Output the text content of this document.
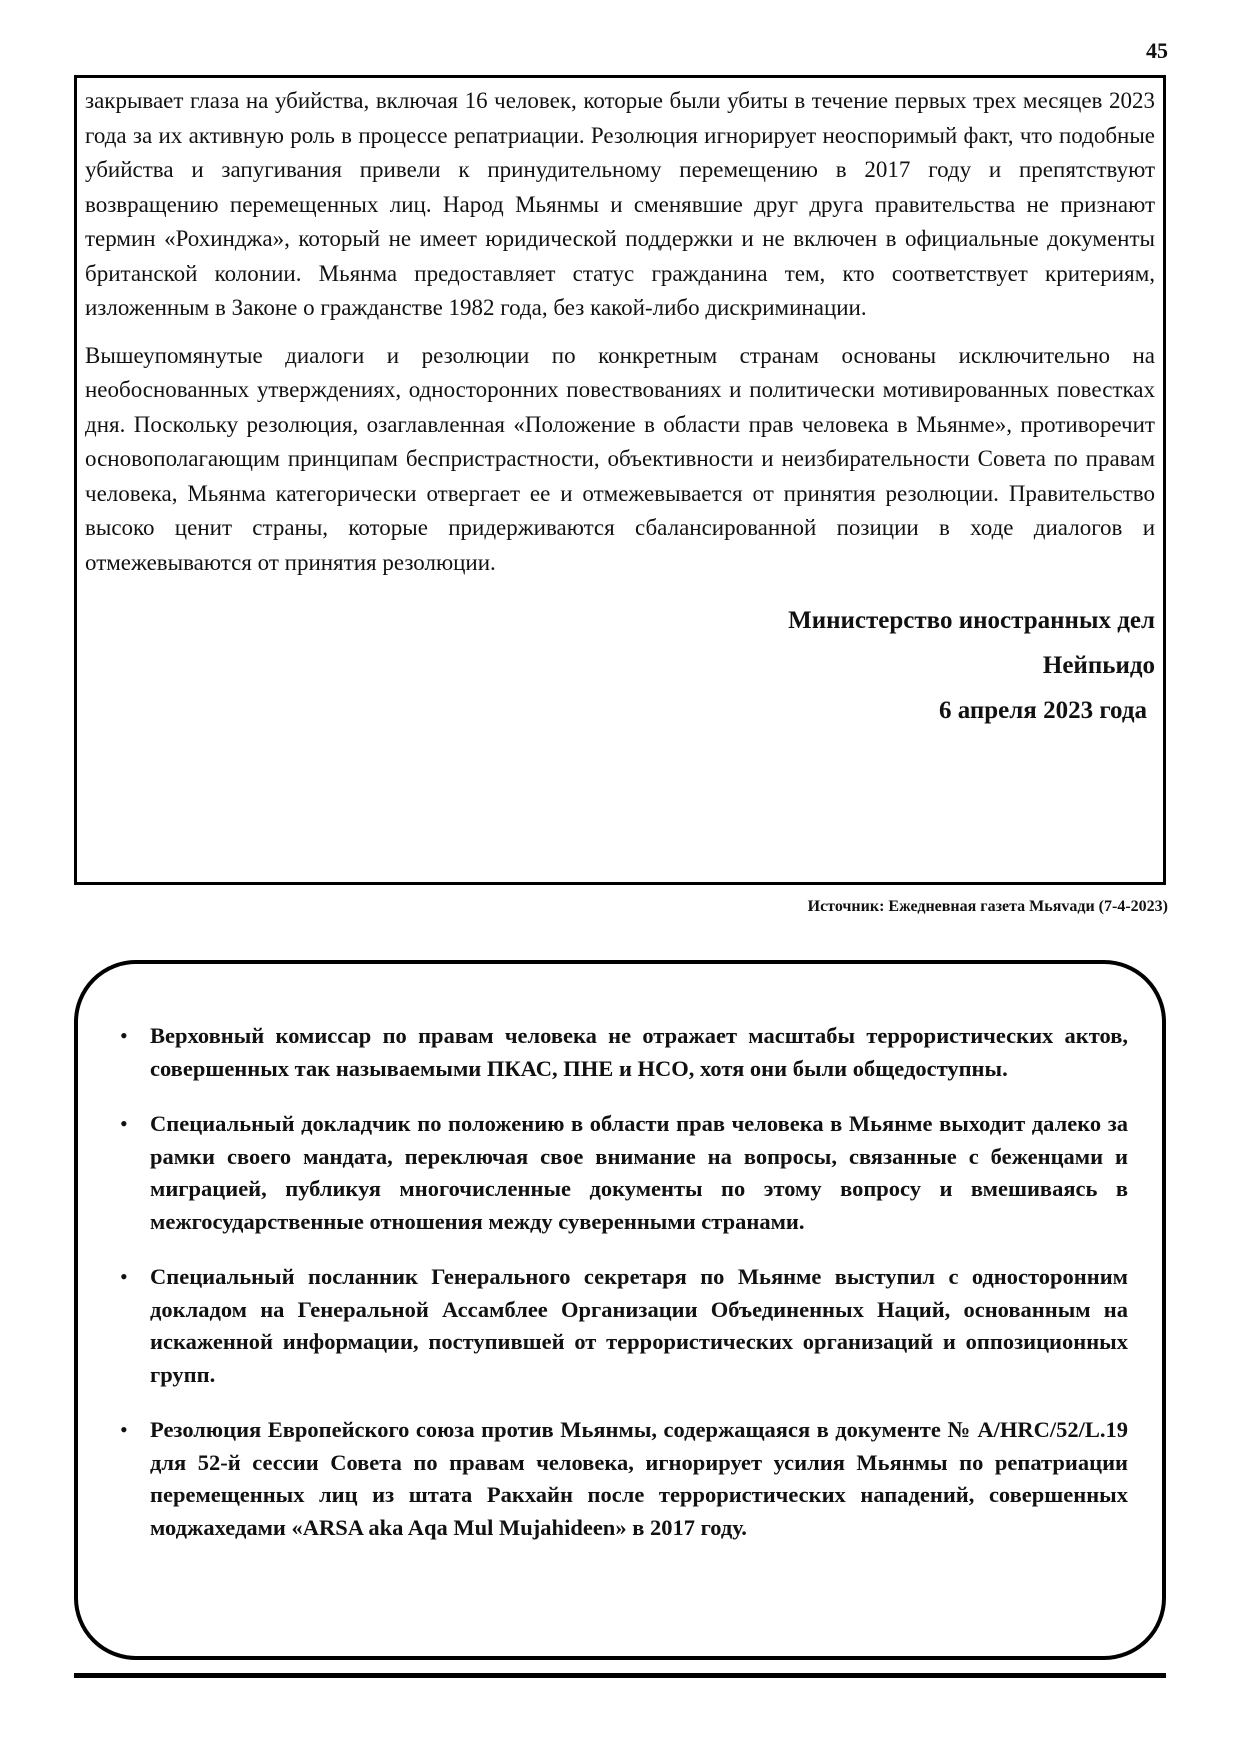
45

закрывает глаза на убийства, включая 16 человек, которые были убиты в течение первых трех месяцев 2023 года за их активную роль в процессе репатриации. Резолюция игнорирует неоспоримый факт, что подобные убийства и запугивания привели к принудительному перемещению в 2017 году и препятствуют возвращению перемещенных лиц. Народ Мьянмы и сменявшие друг друга правительства не признают термин «Рохинджа», который не имеет юридической поддержки и не включен в официальные документы британской колонии. Мьянма предоставляет статус гражданина тем, кто соответствует критериям, изложенным в Законе о гражданстве 1982 года, без какой-либо дискриминации.

Вышеупомянутые диалоги и резолюции по конкретным странам основаны исключительно на необоснованных утверждениях, односторонних повествованиях и политически мотивированных повестках дня. Поскольку резолюция, озаглавленная «Положение в области прав человека в Мьянме», противоречит основополагающим принципам беспристрастности, объективности и неизбирательности Совета по правам человека, Мьянма категорически отвергает ее и отмежевывается от принятия резолюции. Правительство высоко ценит страны, которые придерживаются сбалансированной позиции в ходе диалогов и отмежевываются от принятия резолюции.

Министерство иностранных дел

Нейпьидо

6 апреля 2023 года

Источник: Ежедневная газета Мьяvaди (7-4-2023)
• Верховный комиссар по правам человека не отражает масштабы террористических актов, совершенных так называемыми ПКАС, ПНЕ и НСО, хотя они были общедоступны.
• Специальный докладчик по положению в области прав человека в Мьянме выходит далеко за рамки своего мандата, переключая свое внимание на вопросы, связанные с беженцами и миграцией, публикуя многочисленные документы по этому вопросу и вмешиваясь в межгосударственные отношения между суверенными странами.
• Специальный посланник Генерального секретаря по Мьянме выступил с односторонним докладом на Генеральной Ассамблее Организации Объединенных Наций, основанным на искаженной информации, поступившей от террористических организаций и оппозиционных групп.
• Резолюция Европейского союза против Мьянмы, содержащаяся в документе № A/HRC/52/L.19 для 52-й сессии Совета по правам человека, игнорирует усилия Мьянмы по репатриации перемещенных лиц из штата Ракхайн после террористических нападений, совершенных моджахедами «ARSA aka Aqa Mul Mujahideen» в 2017 году.
